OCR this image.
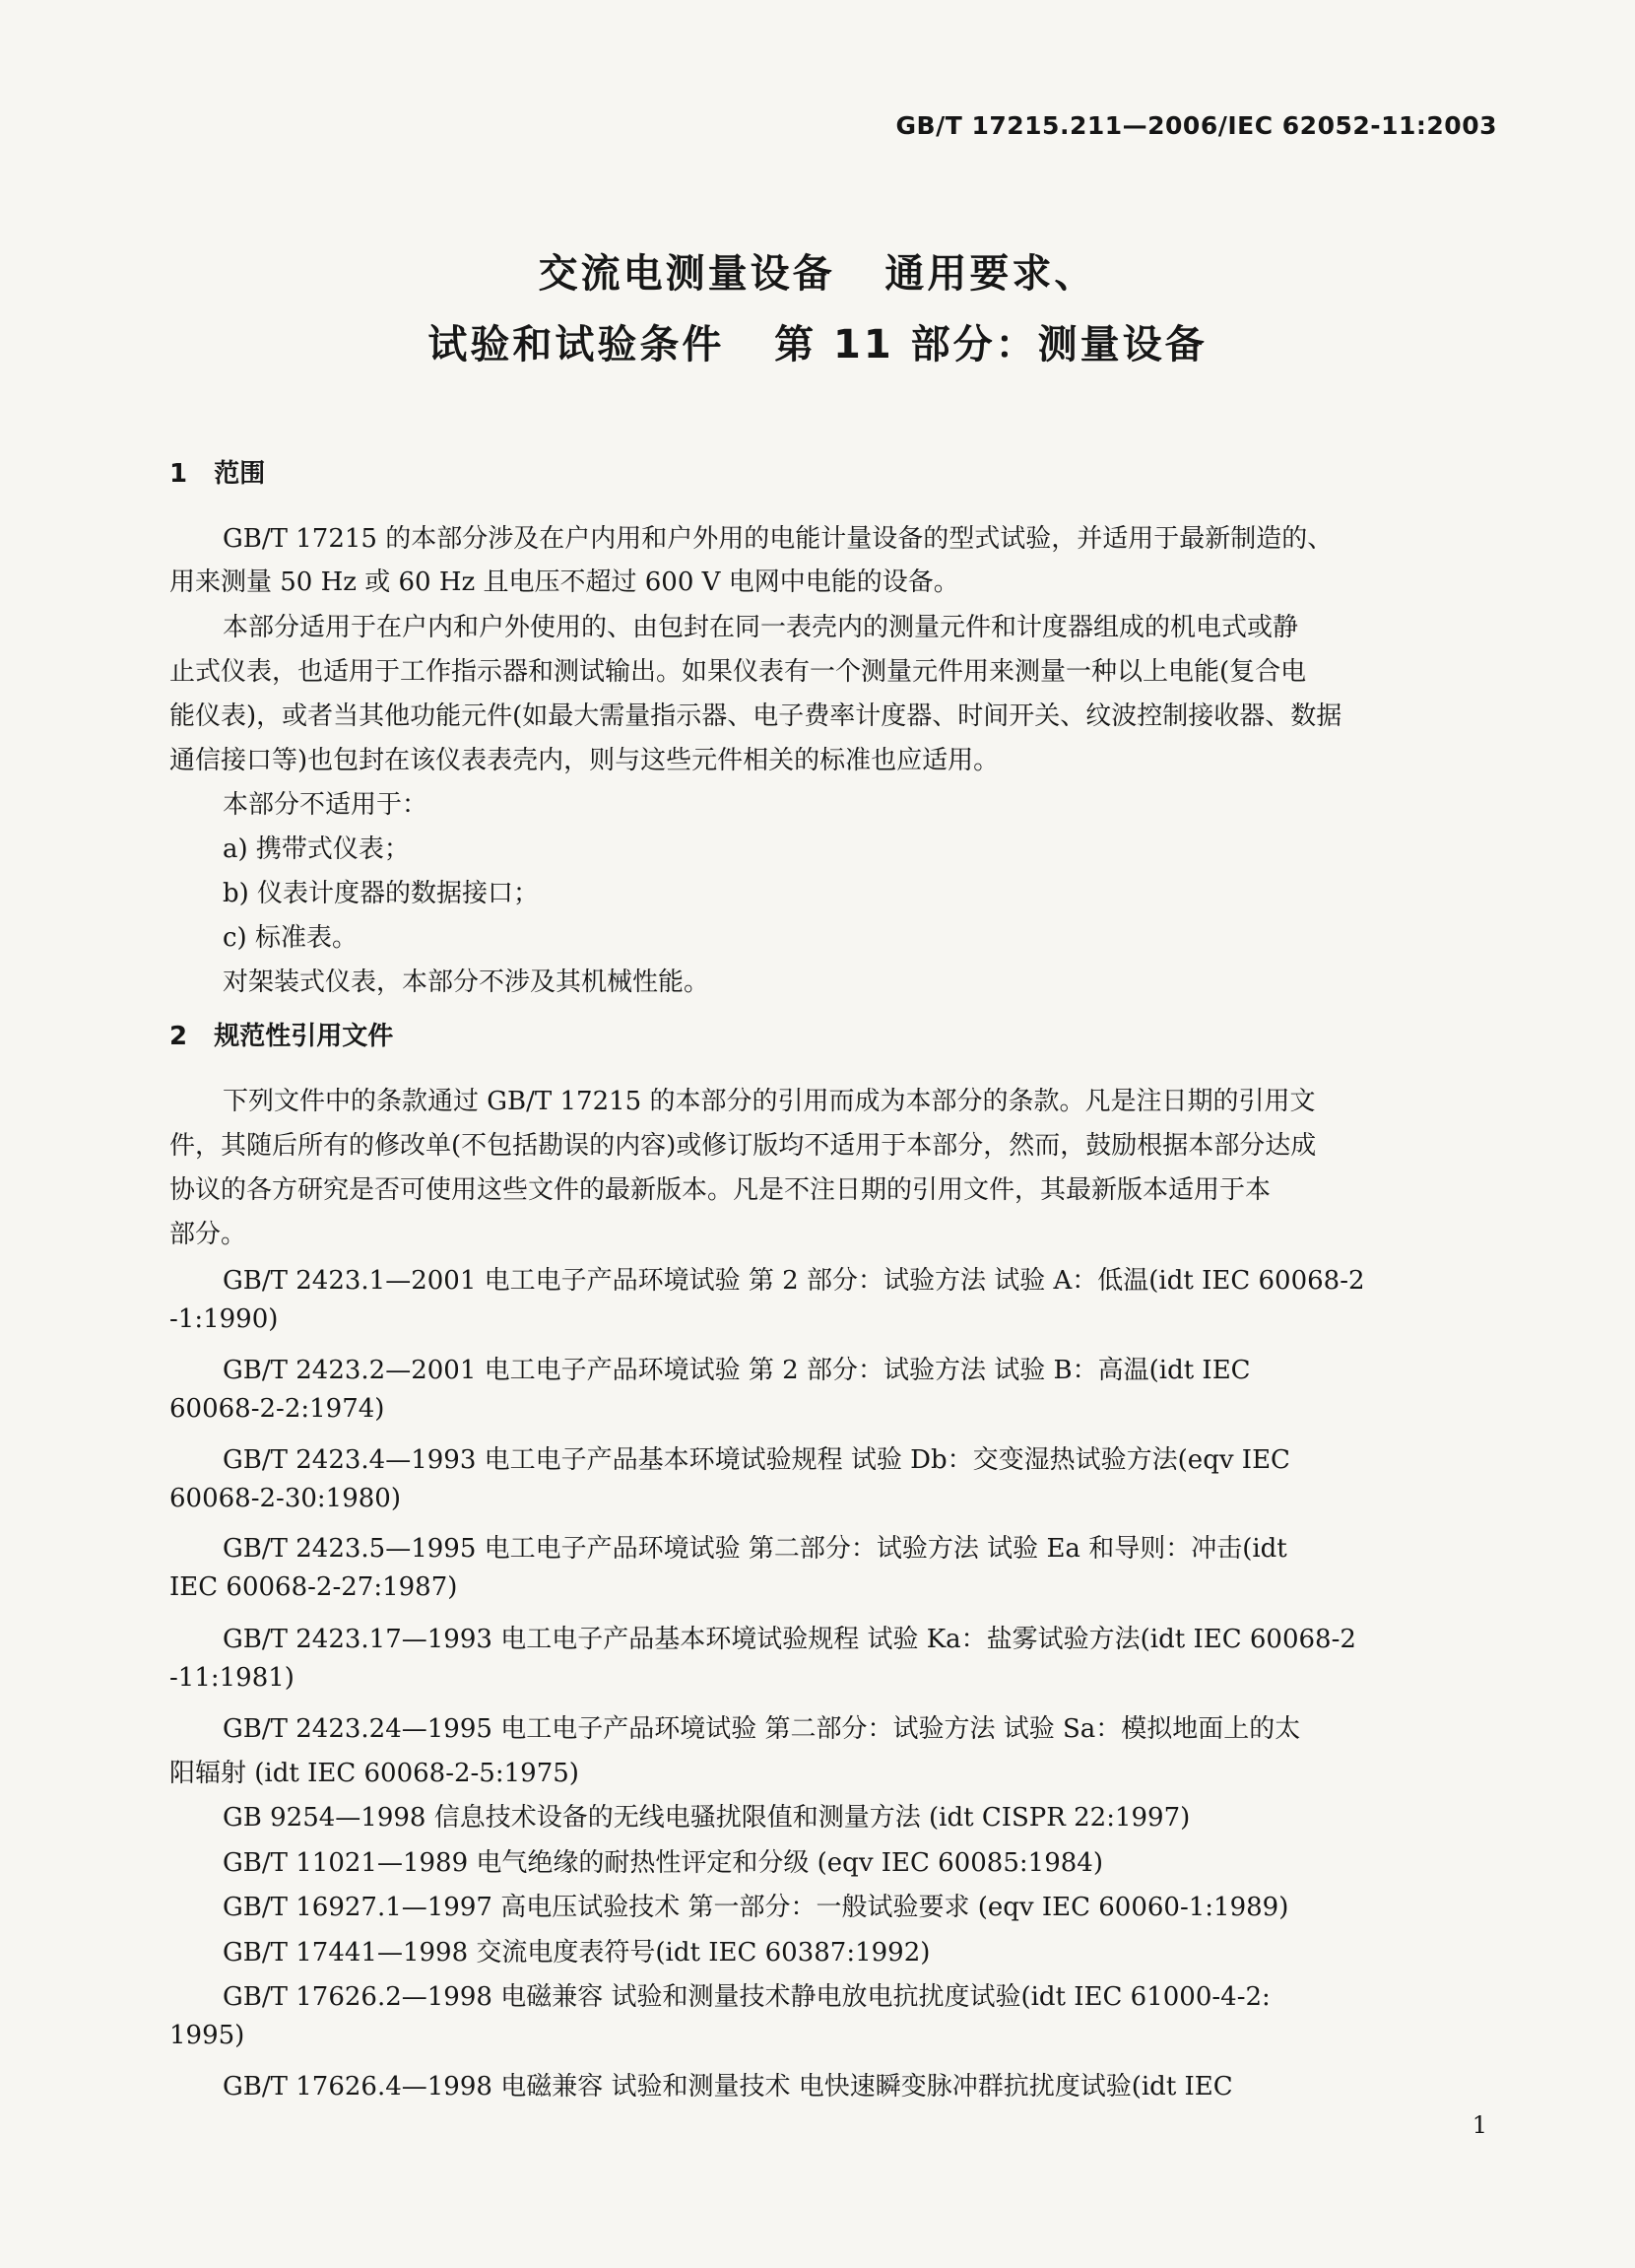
GB/T 17215.211—2006/IEC 62052-11:2003
交流电测量设备   通用要求、
试验和试验条件   第 11 部分：测量设备
1   范围
GB/T 17215 的本部分涉及在户内用和户外用的电能计量设备的型式试验，并适用于最新制造的、
用来测量 50 Hz 或 60 Hz 且电压不超过 600 V 电网中电能的设备。
本部分适用于在户内和户外使用的、由包封在同一表壳内的测量元件和计度器组成的机电式或静
止式仪表，也适用于工作指示器和测试输出。如果仪表有一个测量元件用来测量一种以上电能(复合电
能仪表)，或者当其他功能元件(如最大需量指示器、电子费率计度器、时间开关、纹波控制接收器、数据
通信接口等)也包封在该仪表表壳内，则与这些元件相关的标准也应适用。
本部分不适用于：
a) 携带式仪表；
b) 仪表计度器的数据接口；
c) 标准表。
对架装式仪表，本部分不涉及其机械性能。
2   规范性引用文件
下列文件中的条款通过 GB/T 17215 的本部分的引用而成为本部分的条款。凡是注日期的引用文
件，其随后所有的修改单(不包括勘误的内容)或修订版均不适用于本部分，然而，鼓励根据本部分达成
协议的各方研究是否可使用这些文件的最新版本。凡是不注日期的引用文件，其最新版本适用于本
部分。
GB/T 2423.1—2001 电工电子产品环境试验 第 2 部分：试验方法 试验 A：低温(idt IEC 60068-2
-1:1990)
GB/T 2423.2—2001 电工电子产品环境试验 第 2 部分：试验方法 试验 B：高温(idt IEC
60068-2-2:1974)
GB/T 2423.4—1993 电工电子产品基本环境试验规程 试验 Db：交变湿热试验方法(eqv IEC
60068-2-30:1980)
GB/T 2423.5—1995 电工电子产品环境试验 第二部分：试验方法 试验 Ea 和导则：冲击(idt
IEC 60068-2-27:1987)
GB/T 2423.17—1993 电工电子产品基本环境试验规程 试验 Ka：盐雾试验方法(idt IEC 60068-2
-11:1981)
GB/T 2423.24—1995 电工电子产品环境试验 第二部分：试验方法 试验 Sa：模拟地面上的太
阳辐射 (idt IEC 60068-2-5:1975)
GB 9254—1998 信息技术设备的无线电骚扰限值和测量方法 (idt CISPR 22:1997)
GB/T 11021—1989 电气绝缘的耐热性评定和分级 (eqv IEC 60085:1984)
GB/T 16927.1—1997 高电压试验技术 第一部分：一般试验要求 (eqv IEC 60060-1:1989)
GB/T 17441—1998 交流电度表符号(idt IEC 60387:1992)
GB/T 17626.2—1998 电磁兼容 试验和测量技术静电放电抗扰度试验(idt IEC 61000-4-2:
1995)
GB/T 17626.4—1998 电磁兼容 试验和测量技术 电快速瞬变脉冲群抗扰度试验(idt IEC
1
